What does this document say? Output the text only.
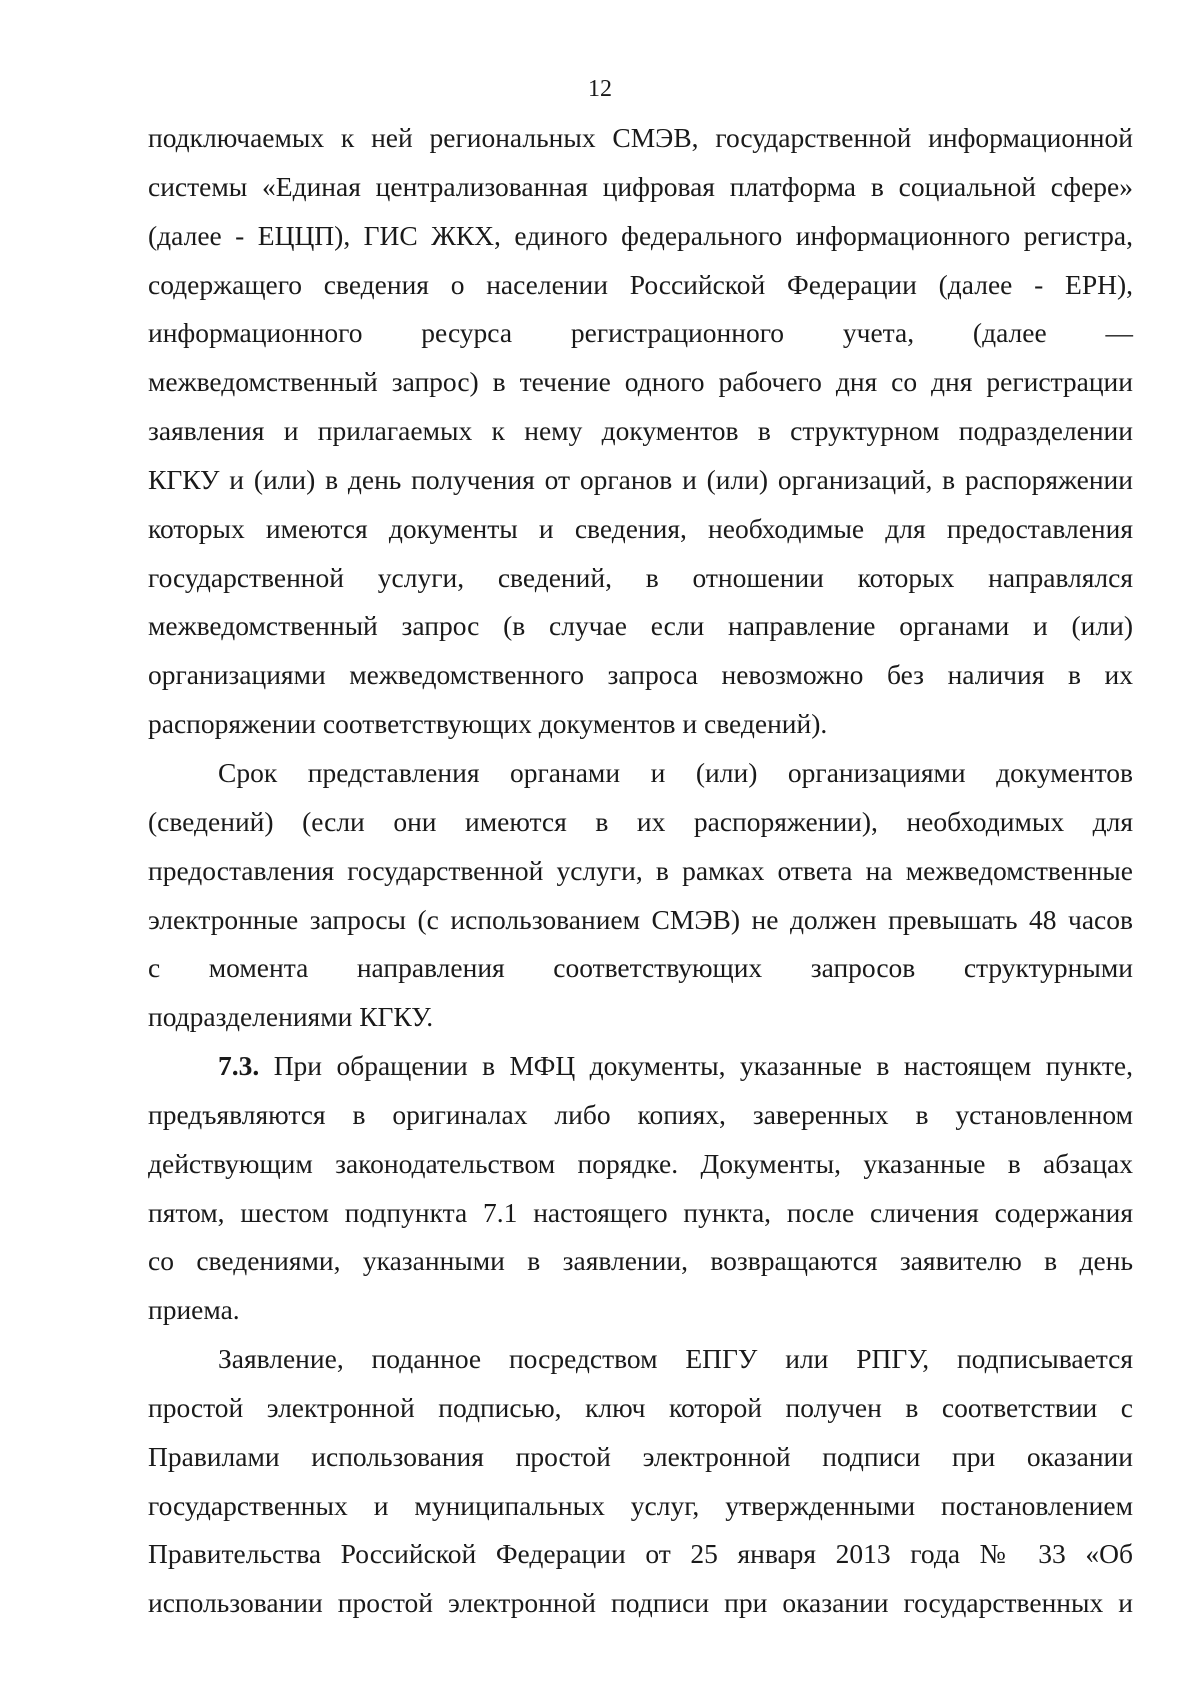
12

подключаемых к ней региональных СМЭВ, государственной информационной
системы «Единая централизованная цифровая платформа в социальной сфере»
(далее - ЕЦЦП), ГИС ЖКХ, единого федерального информационного регистра,
содержащего сведения о населении Российской Федерации (далее - ЕРН),
информационного ресурса регистрационного учета, (далее —
межведомственный запрос) в течение одного рабочего дня со дня регистрации
заявления и прилагаемых к нему документов в структурном подразделении
КГКУ и (или) в день получения от органов и (или) организаций, в распоряжении
которых имеются документы и сведения, необходимые для предоставления
государственной услуги, сведений, в отношении которых направлялся
межведомственный запрос (в случае если направление органами и (или)
организациями межведомственного запроса невозможно без наличия в их
распоряжении соответствующих документов и сведений).

Срок представления органами и (или) организациями документов
(сведений) (если они имеются в их распоряжении), необходимых для
предоставления государственной услуги, в рамках ответа на межведомственные
электронные запросы (с использованием СМЭВ) не должен превышать 48 часов
с момента направления соответствующих запросов структурными
подразделениями КГКУ.

7.3. При обращении в МФЦ документы, указанные в настоящем пункте,
предъявляются в оригиналах либо копиях, заверенных в установленном
действующим законодательством порядке. Документы, указанные в абзацах
пятом, шестом подпункта 7.1 настоящего пункта, после сличения содержания
со сведениями, указанными в заявлении, возвращаются заявителю в день
приема.

Заявление, поданное посредством ЕПГУ или РПГУ, подписывается
простой электронной подписью, ключ которой получен в соответствии с
Правилами использования простой электронной подписи при оказании
государственных и муниципальных услуг, утвержденными постановлением
Правительства Российской Федерации от 25 января 2013 года № 33 «Об
использовании простой электронной подписи при оказании государственных и
